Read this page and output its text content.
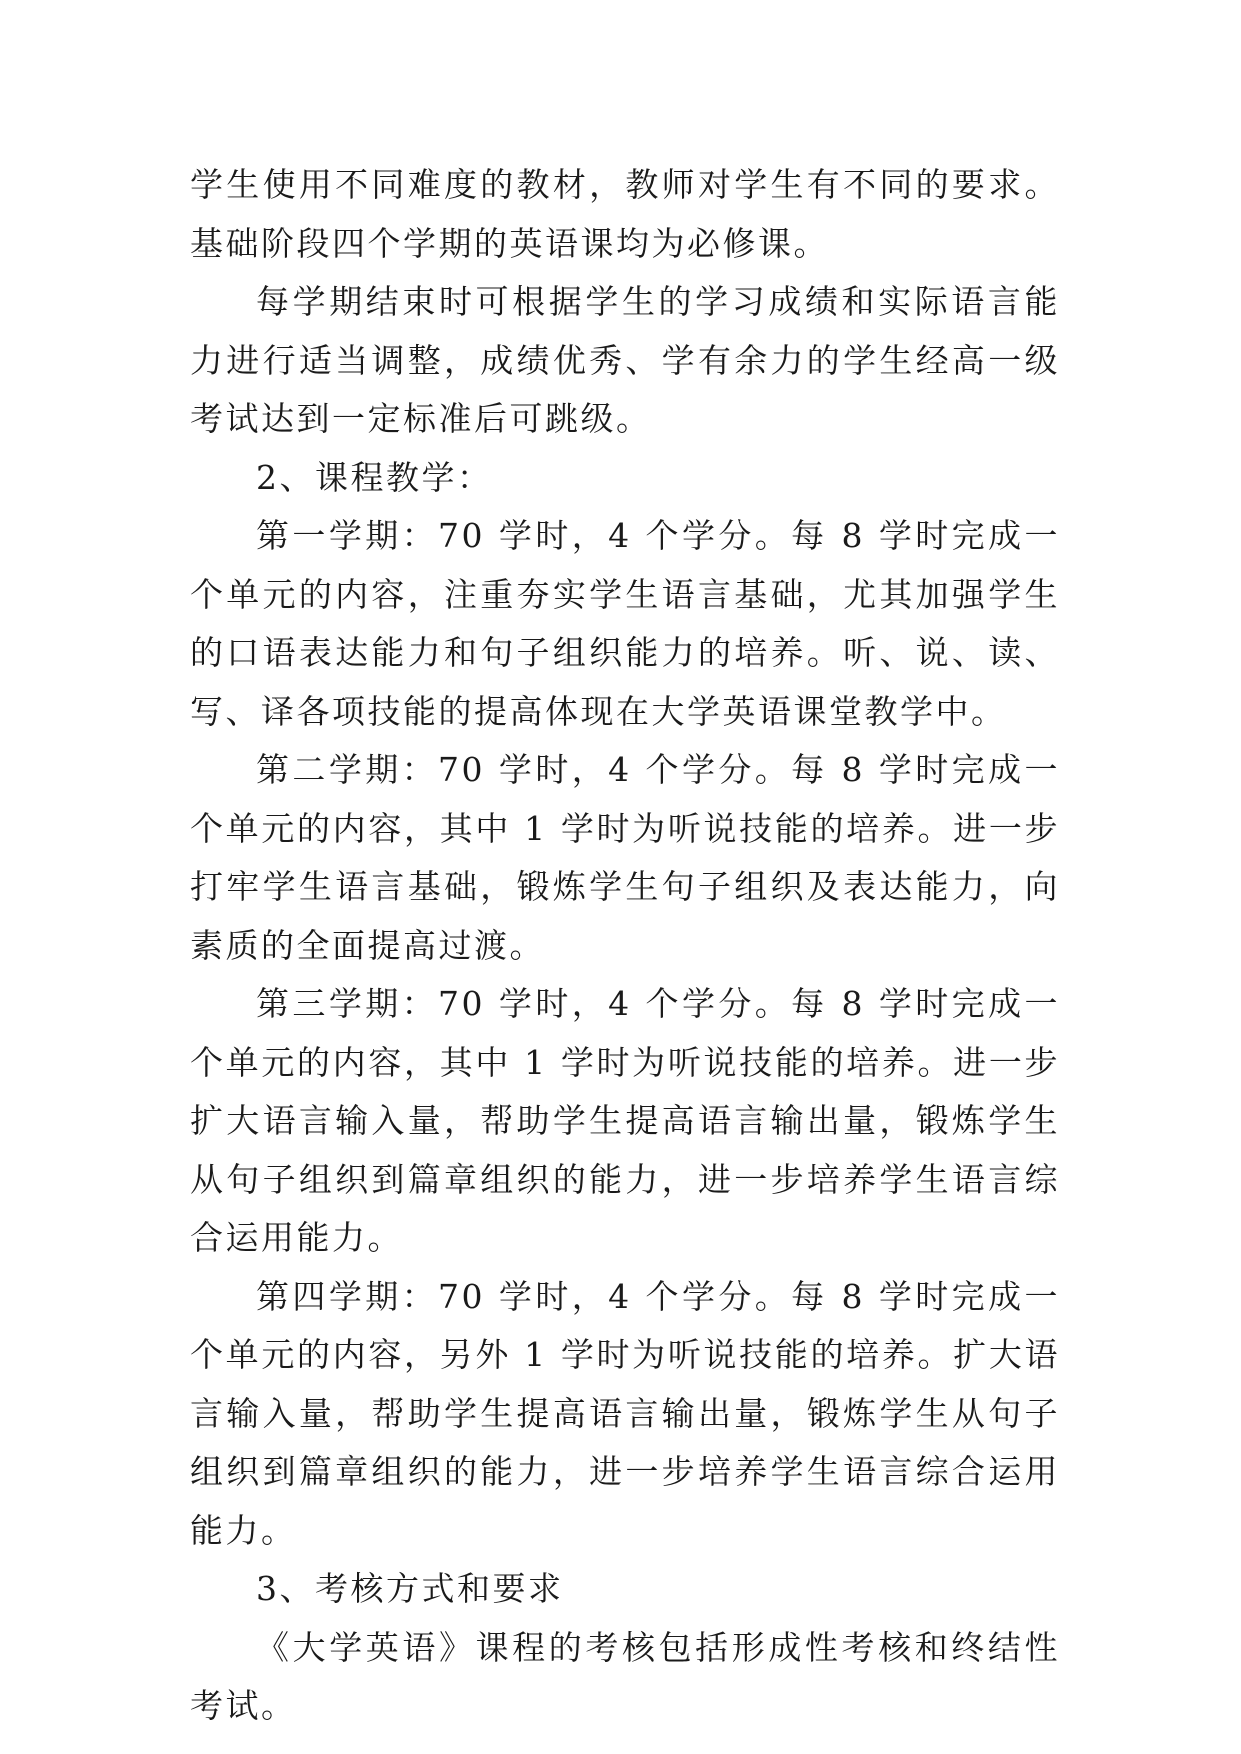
学生使用不同难度的教材，教师对学生有不同的要求。基础阶段四个学期的英语课均为必修课。

每学期结束时可根据学生的学习成绩和实际语言能力进行适当调整，成绩优秀、学有余力的学生经高一级考试达到一定标准后可跳级。

2、课程教学：

第一学期：70 学时，4 个学分。每 8 学时完成一个单元的内容，注重夯实学生语言基础，尤其加强学生的口语表达能力和句子组织能力的培养。听、说、读、写、译各项技能的提高体现在大学英语课堂教学中。

第二学期：70 学时，4 个学分。每 8 学时完成一个单元的内容，其中 1 学时为听说技能的培养。进一步打牢学生语言基础，锻炼学生句子组织及表达能力，向素质的全面提高过渡。

第三学期：70 学时，4 个学分。每 8 学时完成一个单元的内容，其中 1 学时为听说技能的培养。进一步扩大语言输入量，帮助学生提高语言输出量，锻炼学生从句子组织到篇章组织的能力，进一步培养学生语言综合运用能力。

第四学期：70 学时，4 个学分。每 8 学时完成一个单元的内容，另外 1 学时为听说技能的培养。扩大语言输入量，帮助学生提高语言输出量，锻炼学生从句子组织到篇章组织的能力，进一步培养学生语言综合运用能力。

3、考核方式和要求

《大学英语》课程的考核包括形成性考核和终结性考试。
